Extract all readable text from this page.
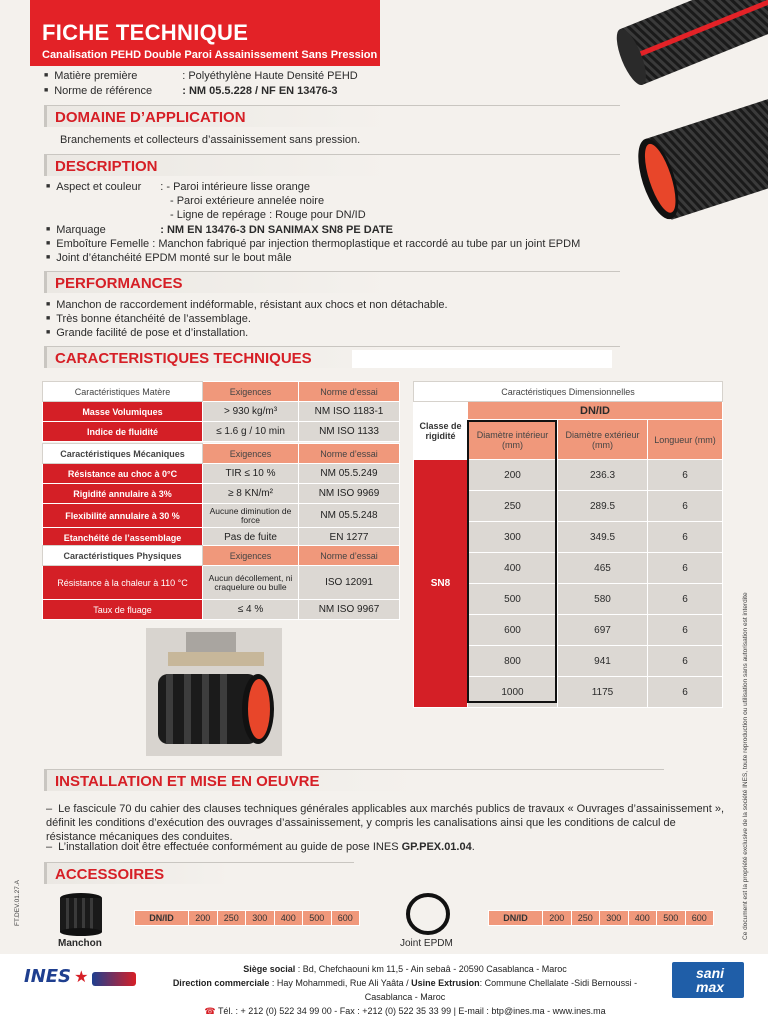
FICHE TECHNIQUE
Canalisation PEHD Double Paroi Assainissement Sans Pression
■ Matière première	: Polyéthylène Haute Densité PEHD
■ Norme de référence	: NM 05.5.228 / NF EN 13476-3
DOMAINE D’APPLICATION
Branchements et collecteurs d’assainissement sans pression.
DESCRIPTION
■ Aspect et couleur : - Paroi intérieure lisse orange
- Paroi extérieure annelée noire
- Ligne de repérage : Rouge pour DN/ID
■ Marquage	: NM EN 13476-3 DN SANIMAX SN8 PE DATE
■ Emboîture Femelle : Manchon fabriqué par injection thermoplastique et raccordé au tube par un joint EPDM
■ Joint d’étanchéité EPDM monté sur le bout mâle
PERFORMANCES
■ Manchon de raccordement indéformable, résistant aux chocs et non détachable.
■ Très bonne étanchéité de l’assemblage.
■ Grande facilité de pose et d’installation.
CARACTERISTIQUES TECHNIQUES
Caractéristiques Matère	Exigences	Norme d’essai
Masse Volumiques	> 930 kg/m³	NM ISO 1183-1
Indice de fluidité	≤ 1.6 g / 10 min	NM ISO 1133
Caractéristiques Mécaniques	Exigences	Norme d’essai
Résistance au choc à 0°C	TIR ≤ 10 %	NM 05.5.249
Rigidité annulaire à 3%	≥ 8 KN/m²	NM ISO 9969
Flexibilité annulaire à 30 %	Aucune diminution de force	NM 05.5.248
Etanchéité de l’assemblage	Pas de fuite	EN 1277
Caractéristiques Physiques	Exigences	Norme d’essai
Résistance à la chaleur à 110 °C	Aucun décollement, ni craquelure ou bulle	ISO 12091
Taux de fluage	≤ 4 %	NM ISO 9967
Caractéristiques Dimensionnelles			
Classe de rigidité	DN/ID		
	Diamètre intérieur (mm)	Diamètre extérieur (mm)	Longueur (mm)
SN8	200	236.3	6
	250	289.5	6
	300	349.5	6
	400	465	6
	500	580	6
	600	697	6
	800	941	6
	1000	1175	6
INSTALLATION ET MISE EN OEUVRE
– Le fascicule 70 du cahier des clauses techniques générales applicables aux marchés publics de travaux « Ouvrages d’assainissement », définit les conditions d’exécution des ouvrages d’assainissement, y compris les canalisations ainsi que les conditions de calcul de résistance mécaniques des conduites.
– L’installation doit être effectuée conformément au guide de pose INES GP.PEX.01.04.
ACCESSOIRES
Manchon
DN/ID	200	250	300	400	500	600
Joint EPDM
DN/ID	200	250	300	400	500	600	Ce document est la propriété exclusive de la société INES, toute reproduction ou utilisation sans autorisation est interdite
FT.DEV.01.27.A
INES ★	Siège social : Bd, Chefchaouni km 11,5 - Ain sebaâ - 20590 Casablanca - Maroc
Direction commerciale : Hay Mohammedi, Rue Ali Yaâta / Usine Extrusion: Commune Chellalate -Sidi Bernoussi - Casablanca - Maroc
☎ Tél. : + 212 (0) 522 34 99 00 - Fax : +212 (0) 522 35 33 99 | E-mail : btp@ines.ma - www.ines.ma
sani
max
